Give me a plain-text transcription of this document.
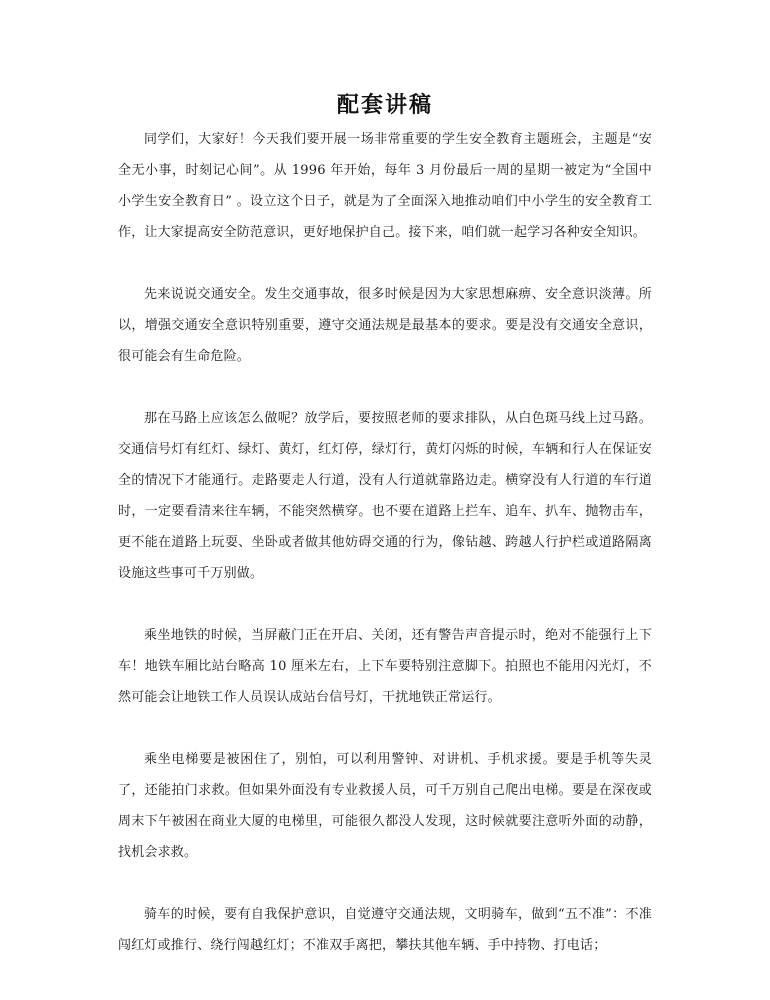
配套讲稿

同学们，大家好！今天我们要开展一场非常重要的学生安全教育主题班会，主题是“安全无小事，时刻记心间”。从 1996 年开始，每年 3 月份最后一周的星期一被定为“全国中小学生安全教育日” 。设立这个日子，就是为了全面深入地推动咱们中小学生的安全教育工作，让大家提高安全防范意识，更好地保护自己。接下来，咱们就一起学习各种安全知识。

先来说说交通安全。发生交通事故，很多时候是因为大家思想麻痹、安全意识淡薄。所以，增强交通安全意识特别重要，遵守交通法规是最基本的要求。要是没有交通安全意识，很可能会有生命危险。

那在马路上应该怎么做呢？放学后，要按照老师的要求排队，从白色斑马线上过马路。交通信号灯有红灯、绿灯、黄灯，红灯停，绿灯行，黄灯闪烁的时候，车辆和行人在保证安全的情况下才能通行。走路要走人行道，没有人行道就靠路边走。横穿没有人行道的车行道时，一定要看清来往车辆，不能突然横穿。也不要在道路上拦车、追车、扒车、抛物击车，更不能在道路上玩耍、坐卧或者做其他妨碍交通的行为，像钻越、跨越人行护栏或道路隔离设施这些事可千万别做。

乘坐地铁的时候，当屏蔽门正在开启、关闭，还有警告声音提示时，绝对不能强行上下车！地铁车厢比站台略高 10 厘米左右，上下车要特别注意脚下。拍照也不能用闪光灯，不然可能会让地铁工作人员误认成站台信号灯，干扰地铁正常运行。

乘坐电梯要是被困住了，别怕，可以利用警钟、对讲机、手机求援。要是手机等失灵了，还能拍门求救。但如果外面没有专业救援人员，可千万别自己爬出电梯。要是在深夜或周末下午被困在商业大厦的电梯里，可能很久都没人发现，这时候就要注意听外面的动静，找机会求救。

骑车的时候，要有自我保护意识，自觉遵守交通法规，文明骑车，做到“五不准”：不准闯红灯或推行、绕行闯越红灯；不准双手离把，攀扶其他车辆、手中持物、打电话；
